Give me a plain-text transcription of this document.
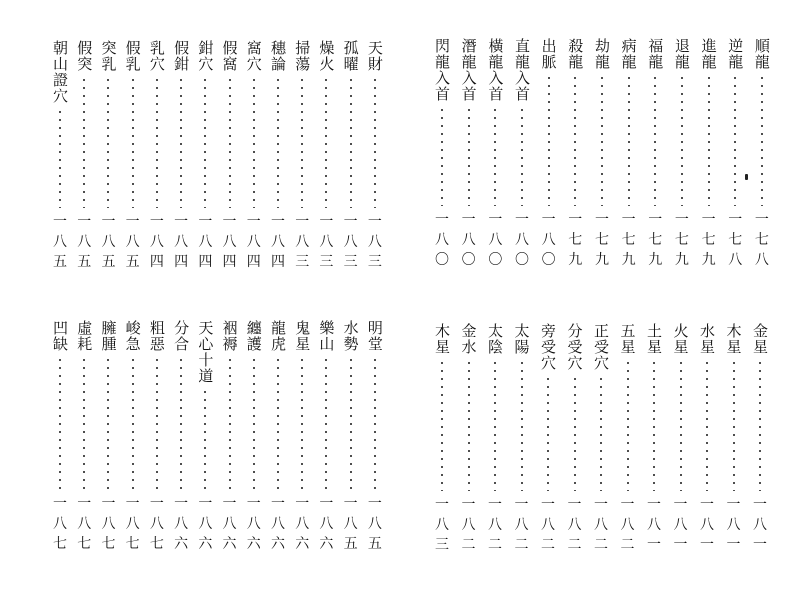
順龍
一
七
八
逆龍
一
七
八
進龍
一
七
九
退龍
一
七
九
福龍
一
七
九
病龍
一
七
九
劫龍
一
七
九
殺龍
一
七
九
出脈
一
八
〇
直龍入首
一
八
〇
橫龍入首
一
八
〇
潛龍入首
一
八
〇
閃龍入首
一
八
〇
天財
一
八
三
孤曜
一
八
三
燥火
一
八
三
掃蕩
一
八
三
穗論
一
八
四
窩穴
一
八
四
假窩
一
八
四
鉗穴
一
八
四
假鉗
一
八
四
乳穴
一
八
四
假乳
一
八
五
突乳
一
八
五
假突
一
八
五
朝山證穴
一
八
五
金星
一
八
一
木星
一
八
一
水星
一
八
一
火星
一
八
一
土星
一
八
一
五星
一
八
二
正受穴
一
八
二
分受穴
一
八
二
旁受穴
一
八
二
太陽
一
八
二
太陰
一
八
二
金水
一
八
二
木星
一
八
三
明堂
一
八
五
水勢
一
八
五
樂山
一
八
六
鬼星
一
八
六
龍虎
一
八
六
纏護
一
八
六
裀褥
一
八
六
天心十道
一
八
六
分合
一
八
六
粗惡
一
八
七
峻急
一
八
七
臃腫
一
八
七
虛耗
一
八
七
凹缺
一
八
七
